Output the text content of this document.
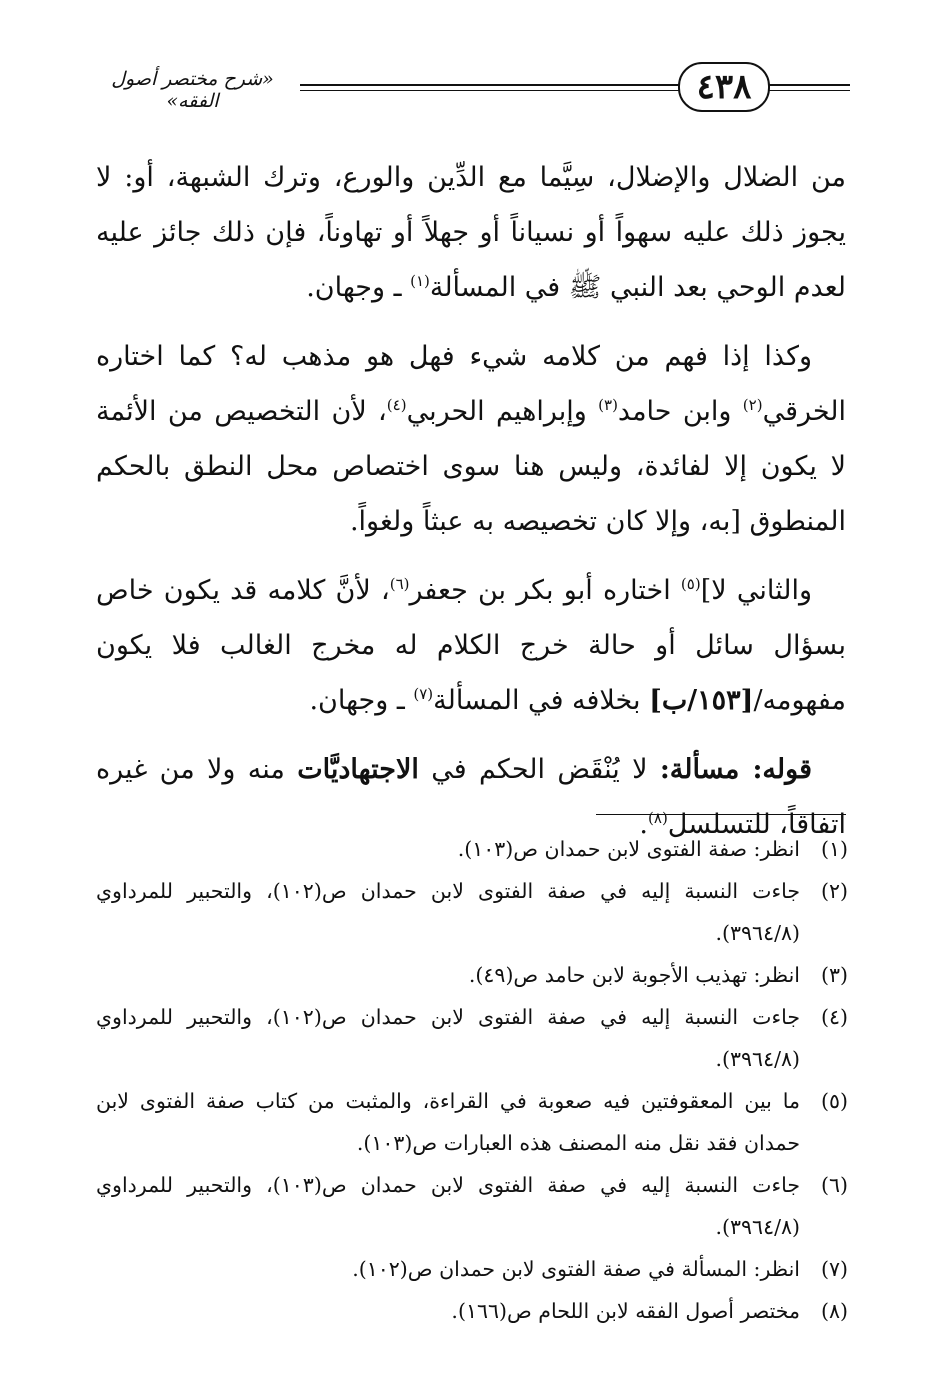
٤٣٨
«شرح مختصر أصول الفقه»

من الضلال والإضلال، سِيَّما مع الدِّين والورع، وترك الشبهة، أو: لا يجوز ذلك عليه سهواً أو نسياناً أو جهلاً أو تهاوناً، فإن ذلك جائز عليه لعدم الوحي بعد النبي ﷺ في المسألة$^{(١)}$ ـ وجهان.

وكذا إذا فهم من كلامه شيء فهل هو مذهب له؟ كما اختاره الخرقي$^{(٢)}$ وابن حامد$^{(٣)}$ وإبراهيم الحربي$^{(٤)}$، لأن التخصيص من الأئمة لا يكون إلا لفائدة، وليس هنا سوى اختصاص محل النطق بالحكم المنطوق [به، وإلا كان تخصيصه به عبثاً ولغواً.

والثاني لا]$^{(٥)}$ اختاره أبو بكر بن جعفر$^{(٦)}$، لأنَّ كلامه قد يكون خاص بسؤال سائل أو حالة خرج الكلام له مخرج الغالب فلا يكون مفهومه/[١٥٣/ب] بخلافه في المسألة$^{(٧)}$ ـ وجهان.

قوله: مسألة: لا يُنْقَض الحكم في الاجتهاديَّات منه ولا من غيره اتفاقاً، للتسلسل$^{(٨)}$.

(١)
انظر: صفة الفتوى لابن حمدان ص(١٠٣).
(٢)
جاءت النسبة إليه في صفة الفتوى لابن حمدان ص(١٠٢)، والتحبير للمرداوي (٣٩٦٤/٨).
(٣)
انظر: تهذيب الأجوبة لابن حامد ص(٤٩).
(٤)
جاءت النسبة إليه في صفة الفتوى لابن حمدان ص(١٠٢)، والتحبير للمرداوي (٣٩٦٤/٨).
(٥)
ما بين المعقوفتين فيه صعوبة في القراءة، والمثبت من كتاب صفة الفتوى لابن حمدان فقد نقل منه المصنف هذه العبارات ص(١٠٣).
(٦)
جاءت النسبة إليه في صفة الفتوى لابن حمدان ص(١٠٣)، والتحبير للمرداوي (٣٩٦٤/٨).
(٧)
انظر: المسألة في صفة الفتوى لابن حمدان ص(١٠٢).
(٨)
مختصر أصول الفقه لابن اللحام ص(١٦٦).
